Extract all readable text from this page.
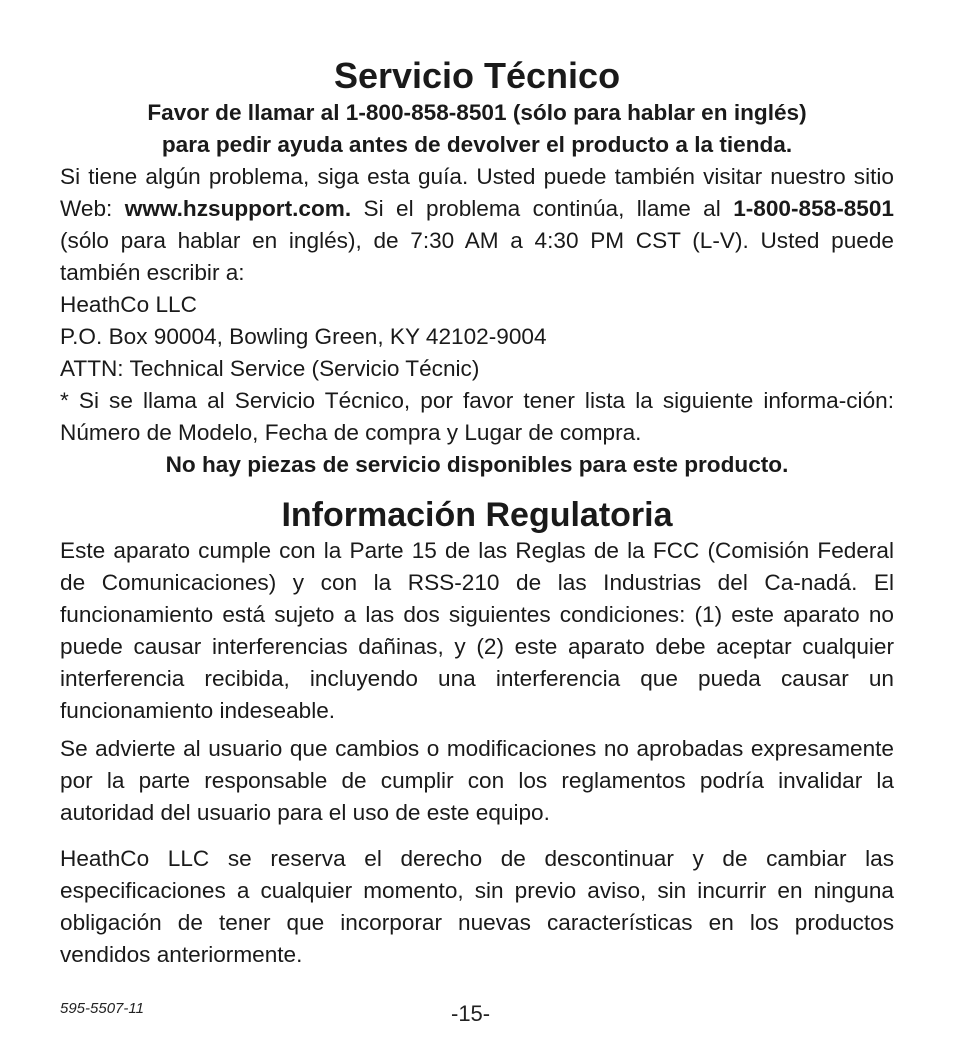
Servicio Técnico
Favor de llamar al 1-800-858-8501 (sólo para hablar en inglés)
para pedir ayuda antes de devolver el producto a la tienda.

Si tiene algún problema, siga esta guía. Usted puede también visitar nuestro sitio Web: www.hzsupport.com. Si el problema continúa, llame al 1-800-858-8501 (sólo para hablar en inglés), de 7:30 AM a 4:30 PM CST (L-V). Usted puede también escribir a:

HeathCo LLC
P.O. Box 90004, Bowling Green, KY 42102-9004
ATTN: Technical Service (Servicio Técnic)

* Si se llama al Servicio Técnico, por favor tener lista la siguiente informa-ción: Número de Modelo, Fecha de compra y Lugar de compra.

No hay piezas de servicio disponibles para este producto.
Información Regulatoria

Este aparato cumple con la Parte 15 de las Reglas de la FCC (Comisión Federal de Comunicaciones) y con la RSS-210 de las Industrias del Ca-nadá. El funcionamiento está sujeto a las dos siguientes condiciones: (1) este aparato no puede causar interferencias dañinas, y (2) este aparato debe aceptar cualquier interferencia recibida, incluyendo una interferencia que pueda causar un funcionamiento indeseable.

Se advierte al usuario que cambios o modificaciones no aprobadas expresamente por la parte responsable de cumplir con los reglamentos podría invalidar la autoridad del usuario para el uso de este equipo.

HeathCo LLC se reserva el derecho de descontinuar y de cambiar las especificaciones a cualquier momento, sin previo aviso, sin incurrir en ninguna obligación de tener que incorporar nuevas características en los productos vendidos anteriormente.

595-5507-11	-15-
